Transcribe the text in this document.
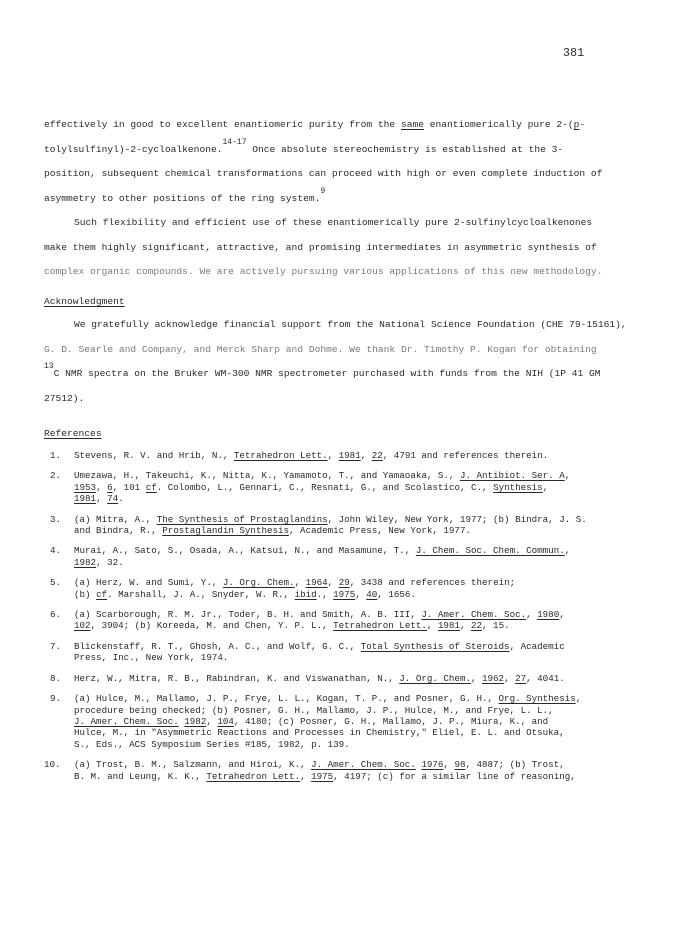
381
effectively in good to excellent enantiomeric purity from the same enantiomerically pure 2-(p-
tolylsulfinyl)-2-cycloalkenone.$^{14-17}$ Once absolute stereochemistry is established at the 3-
position, subsequent chemical transformations can proceed with high or even complete induction of
asymmetry to other positions of the ring system.$^9$
Such flexibility and efficient use of these enantiomerically pure 2-sulfinylcycloalkenones
make them highly significant, attractive, and promising intermediates in asymmetric synthesis of
complex organic compounds. We are actively pursuing various applications of this new methodology.
Acknowledgment
We gratefully acknowledge financial support from the National Science Foundation (CHE 79-15161),
G. D. Searle and Company, and Merck Sharp and Dohme. We thank Dr. Timothy P. Kogan for obtaining
$^{13}$C NMR spectra on the Bruker WM-300 NMR spectrometer purchased with funds from the NIH (1P 41 GM
27512).
References
1. Stevens, R. V. and Hrib, N., Tetrahedron Lett., 1981, 22, 4791 and references therein.
2. Umezawa, H., Takeuchi, K., Nitta, K., Yamamoto, T., and Yamaoaka, S., J. Antibiot. Ser. A,
1953, 6, 101 cf. Colombo, L., Gennari, C., Resnati, G., and Scolastico, C., Synthesis,
1981, 74.
3. (a) Mitra, A., The Synthesis of Prostaglandins, John Wiley, New York, 1977; (b) Bindra, J. S.
and Bindra, R., Prostaglandin Synthesis, Academic Press, New York, 1977.
4. Murai, A., Sato, S., Osada, A., Katsui, N., and Masamune, T., J. Chem. Soc. Chem. Commun.,
1982, 32.
5. (a) Herz, W. and Sumi, Y., J. Org. Chem., 1964, 29, 3438 and references therein;
(b) cf. Marshall, J. A., Snyder, W. R., ibid., 1975, 40, 1656.
6. (a) Scarborough, R. M. Jr., Toder, B. H. and Smith, A. B. III, J. Amer. Chem. Soc., 1980,
102, 3904; (b) Koreeda, M. and Chen, Y. P. L., Tetrahedron Lett., 1981, 22, 15.
7. Blickenstaff, R. T., Ghosh, A. C., and Wolf, G. C., Total Synthesis of Steroids, Academic
Press, Inc., New York, 1974.
8. Herz, W., Mitra, R. B., Rabindran, K. and Viswanathan, N., J. Org. Chem., 1962, 27, 4041.
9. (a) Hulce, M., Mallamo, J. P., Frye, L. L., Kogan, T. P., and Posner, G. H., Org. Synthesis,
procedure being checked; (b) Posner, G. H., Mallamo, J. P., Hulce, M., and Frye, L. L.,
J. Amer. Chem. Soc. 1982, 104, 4180; (c) Posner, G. H., Mallamo, J. P., Miura, K., and
Hulce, M., in "Asymmetric Reactions and Processes in Chemistry," Eliel, E. L. and Otsuka,
S., Eds., ACS Symposium Series #185, 1982, p. 139.
10. (a) Trost, B. M., Salzmann, and Hiroi, K., J. Amer. Chem. Soc. 1976, 98, 4887; (b) Trost,
B. M. and Leung, K. K., Tetrahedron Lett., 1975, 4197; (c) for a similar line of reasoning,
